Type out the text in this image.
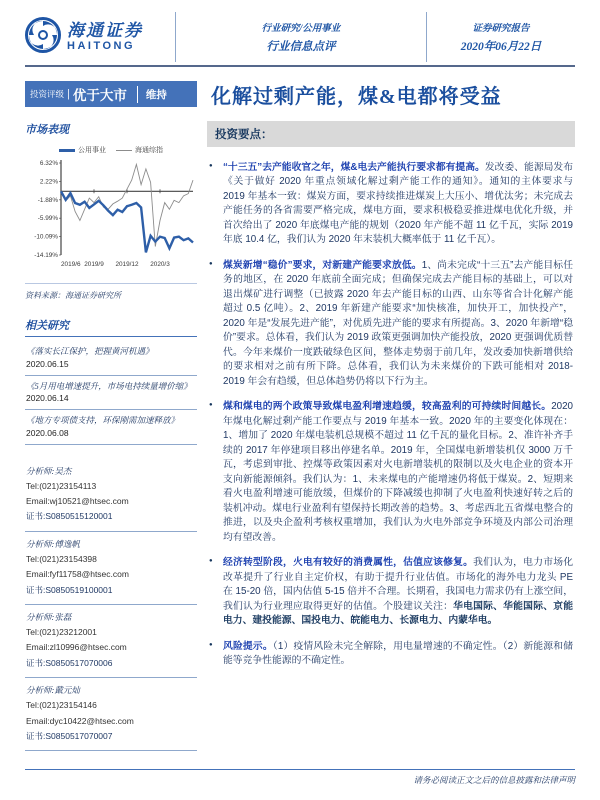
海通证券
HAITONG
行业研究/公用事业
行业信息点评
证券研究报告
2020年06月22日
投资评级 | 优于大市 维持 化解过剩产能，煤&电都将受益
市场表现
公用事业	海通综指
6.32%
2.22%
-1.88%
-5.99%
-10.09%
-14.19%
2019/6 2019/9 2019/12 2020/3
资料来源：海通证券研究所
相关研究
《落实长江保护，把握黄河机遇》 2020.06.15
《5月用电增速提升，市场电持续量增价缩》 2020.06.14
《地方专项债支持，环保刚需加速释放》 2020.06.08
分析师:吴杰
Tel:(021)23154113
Email:wj10521@htsec.com
证书:S0850515120001
分析师:傅逸帆
Tel:(021)23154398
Email:fyf11758@htsec.com
证书:S0850519100001
分析师:张磊
Tel:(021)23212001
Email:zl10996@htsec.com
证书:S0850517070006
分析师:戴元灿
Tel:(021)23154146
Email:dyc10422@htsec.com
证书:S0850517070007
投资要点：
● “十三五”去产能收官之年，煤&电去产能执行要求都有提高。发改委、能源局发布《关于做好 2020 年重点领域化解过剩产能工作的通知》。通知的主体要求与 2019 年基本一致：煤炭方面，要求持续推进煤炭上大压小、增优汰劣；未完成去产能任务的各省需要严格完成，煤电方面，要求积极稳妥推进煤电优化升级，并首次给出了 2020 年底煤电产能的规划（2020 年产能不超 11 亿千瓦，实际 2019 年底 10.4 亿，我们认为 2020 年末装机大概率低于 11 亿千瓦）。
● 煤炭新增“稳价”要求，对新建产能要求放低。1、尚未完成“十三五”去产能目标任务的地区，在 2020 年底前全面完成；但确保完成去产能目标的基础上，可以对退出煤矿进行调整（已披露 2020 年去产能目标的山西、山东等省合计化解产能超过 0.5 亿吨）。2、2019 年新建产能要求“加快核准，加快开工，加快投产”，2020 年是“发展先进产能”，对优质先进产能的要求有所提高。3、2020 年新增“稳价”要求。总体看，我们认为 2019 政策更强调加快产能投放，2020 更强调优质替代。今年来煤价一度跌破绿色区间，整体走势弱于前几年，发改委加快新增供给的要求相对之前有所下降。总体看，我们认为未来煤价的下跌可能相对 2018-2019 年会有趋缓，但总体趋势仍将以下行为主。
● 煤和煤电的两个政策导致煤电盈利增速趋缓，较高盈利的可持续时间越长。2020 年煤电化解过剩产能工作要点与 2019 年基本一致。2020 年的主要变化体现在：1、增加了 2020 年煤电装机总规模不超过 11 亿千瓦的量化目标。2、准许补齐手续的 2017 年停建项目移出停建名单。2019 年，全国煤电新增装机仅 3000 万千瓦，考虑到审批、控煤等政策因素对火电新增装机的限制以及火电企业的资本开支向新能源倾斜。我们认为：1、未来煤电的产能增速仍将低于煤炭。2、短期来看火电盈利增速可能放缓，但煤价的下降减缓也抑制了火电盈利快速好转之后的装机冲动。煤电行业盈利有望保持长期改善的趋势。3、考虑西北五省煤电整合的推进，以及央企盈利考核权重增加，我们认为火电外部竞争环境及内部公司治理均有望改善。
● 经济转型阶段，火电有较好的消费属性，估值应该修复。我们认为，电力市场化改革提升了行业自主定价权，有助于提升行业估值。市场化的海外电力龙头 PE 在 15-20 倍，国内估值 5-15 倍并不合理。长期看，我国电力需求仍有上涨空间，我们认为行业理应取得更好的估值。个股建议关注：华电国际、华能国际、京能电力、建投能源、国投电力、皖能电力、长源电力、内蒙华电。
● 风险提示。（1）疫情风险未完全解除，用电量增速的不确定性。（2）新能源和储能等竞争性能源的不确定性。
请务必阅读正文之后的信息披露和法律声明
